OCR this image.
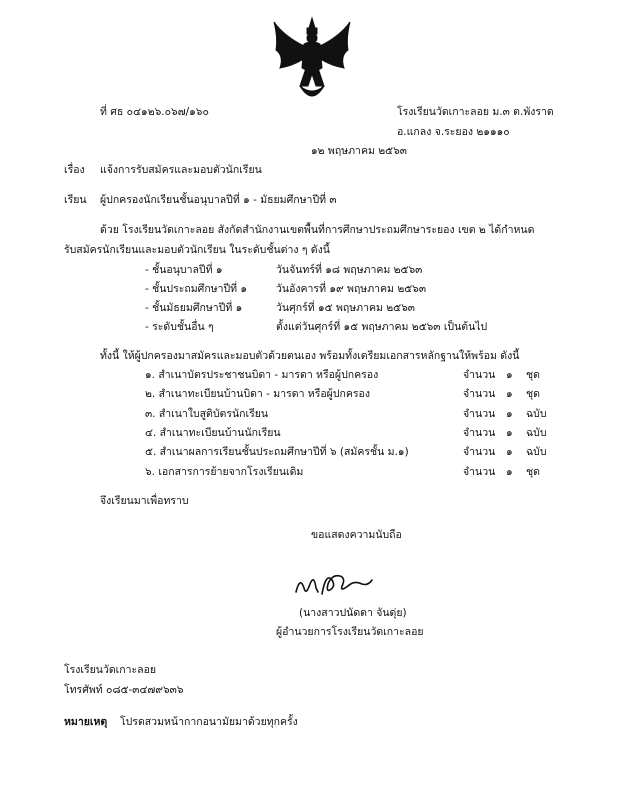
ที่ ศธ ๐๔๑๒๖.๐๖๗/๑๖๐	โรงเรียนวัดเกาะลอย ม.๓ ต.พังราด
อ.แกลง จ.ระยอง ๒๑๑๑๐
๑๒ พฤษภาคม ๒๕๖๓
เรื่อง แจ้งการรับสมัครและมอบตัวนักเรียน
เรียน ผู้ปกครองนักเรียนชั้นอนุบาลปีที่ ๑ - มัธยมศึกษาปีที่ ๓
ด้วย โรงเรียนวัดเกาะลอย สังกัดสำนักงานเขตพื้นที่การศึกษาประถมศึกษาระยอง เขต ๒ ได้กำหนด
รับสมัครนักเรียนและมอบตัวนักเรียน ในระดับชั้นต่าง ๆ ดังนี้
- ชั้นอนุบาลปีที่ ๑	วันจันทร์ที่ ๑๘ พฤษภาคม ๒๕๖๓
- ชั้นประถมศึกษาปีที่ ๑	วันอังคารที่ ๑๙ พฤษภาคม ๒๕๖๓
- ชั้นมัธยมศึกษาปีที่ ๑	วันศุกร์ที่ ๑๕ พฤษภาคม ๒๕๖๓
- ระดับชั้นอื่น ๆ	ตั้งแต่วันศุกร์ที่ ๑๕ พฤษภาคม ๒๕๖๓ เป็นต้นไป
ทั้งนี้ ให้ผู้ปกครองมาสมัครและมอบตัวด้วยตนเอง พร้อมทั้งเตรียมเอกสารหลักฐานให้พร้อม ดังนี้
๑. สำเนาบัตรประชาชนบิดา - มารดา หรือผู้ปกครอง	จำนวน ๑ ชุด
๒. สำเนาทะเบียนบ้านบิดา - มารดา หรือผู้ปกครอง	จำนวน ๑ ชุด
๓. สำเนาใบสูติบัตรนักเรียน	จำนวน ๑ ฉบับ
๔. สำเนาทะเบียนบ้านนักเรียน	จำนวน ๑ ฉบับ
๕. สำเนาผลการเรียนชั้นประถมศึกษาปีที่ ๖ (สมัครชั้น ม.๑)	จำนวน ๑ ฉบับ
๖. เอกสารการย้ายจากโรงเรียนเดิม	จำนวน ๑ ชุด
จึงเรียนมาเพื่อทราบ
ขอแสดงความนับถือ
(นางสาวปนัดดา จันดุ่ย)
ผู้อำนวยการโรงเรียนวัดเกาะลอย
โรงเรียนวัดเกาะลอย
โทรศัพท์ ๐๘๕-๓๔๗๙๖๓๖
หมายเหตุ โปรดสวมหน้ากากอนามัยมาด้วยทุกครั้ง
